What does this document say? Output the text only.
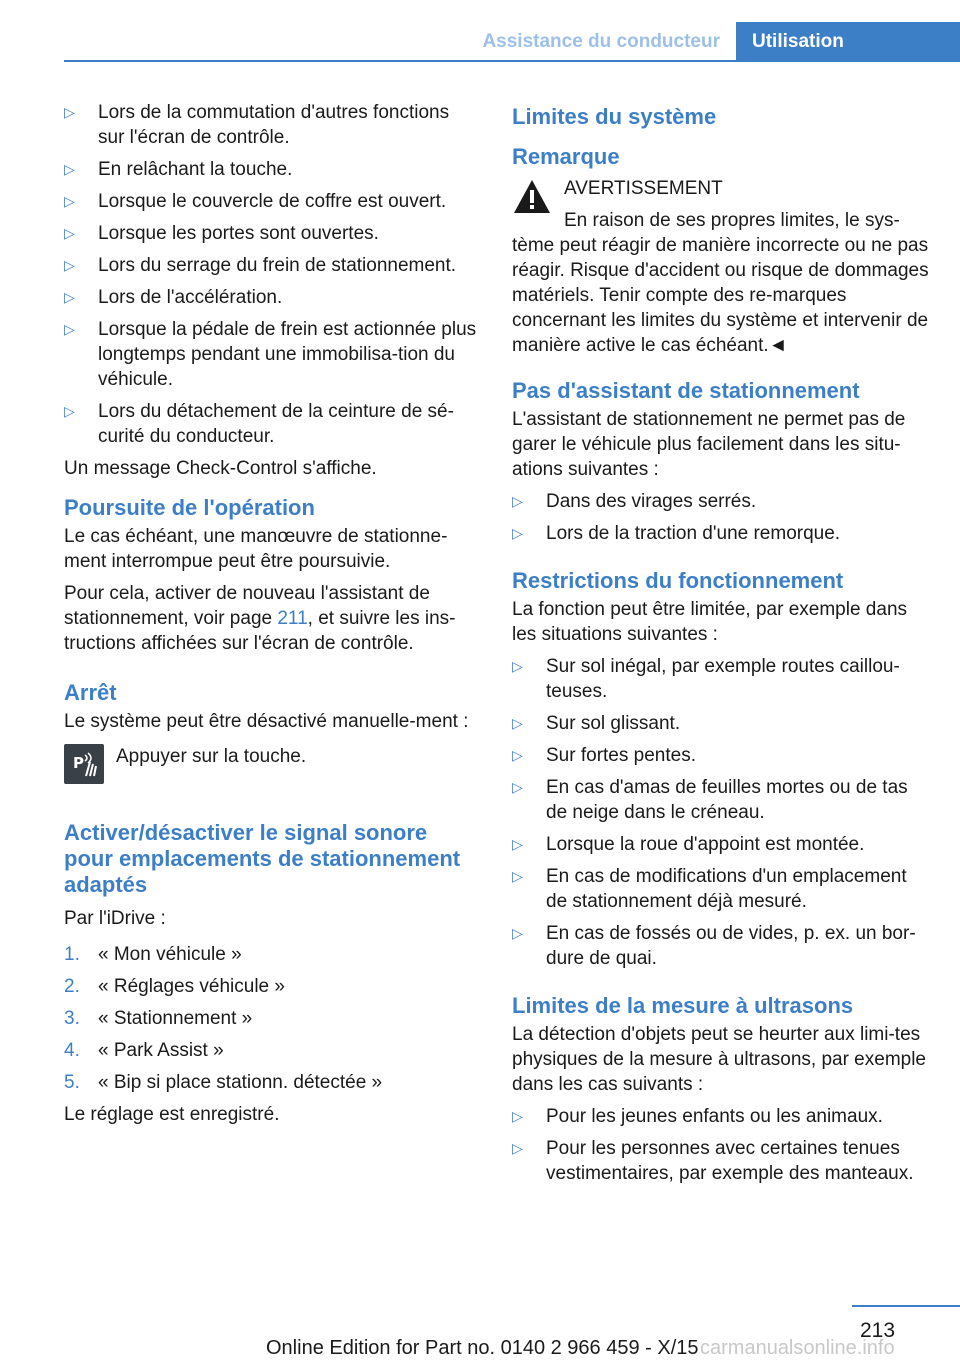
Assistance du conducteur	Utilisation
▷ Lors de la commutation d'autres fonctions sur l'écran de contrôle.
▷ En relâchant la touche.
▷ Lorsque le couvercle de coffre est ouvert.
▷ Lorsque les portes sont ouvertes.
▷ Lors du serrage du frein de stationnement.
▷ Lors de l'accélération.
▷ Lorsque la pédale de frein est actionnée plus longtemps pendant une immobilisa-tion du véhicule.
▷ Lors du détachement de la ceinture de sé-curité du conducteur.

Un message Check-Control s'affiche.

Poursuite de l'opération

Le cas échéant, une manœuvre de stationne-ment interrompue peut être poursuivie.

Pour cela, activer de nouveau l'assistant de stationnement, voir page 211, et suivre les ins-tructions affichées sur l'écran de contrôle.

Arrêt

Le système peut être désactivé manuelle-ment :

P Appuyer sur la touche.
Activer/désactiver le signal sonore pour emplacements de stationnement adaptés

Par l'iDrive :

1. « Mon véhicule »
2. « Réglages véhicule »
3. « Stationnement »
4. « Park Assist »
5. « Bip si place stationn. détectée »

Le réglage est enregistré.

Limites du système
Remarque

AVERTISSEMENT

En raison de ses propres limites, le sys-tème peut réagir de manière incorrecte ou ne pas réagir. Risque d'accident ou risque de dommages matériels. Tenir compte des re-marques concernant les limites du système et intervenir de manière active le cas échéant.◄

Pas d'assistant de stationnement

L'assistant de stationnement ne permet pas de garer le véhicule plus facilement dans les situ-ations suivantes :

▷ Dans des virages serrés.
▷ Lors de la traction d'une remorque.
Restrictions du fonctionnement

La fonction peut être limitée, par exemple dans les situations suivantes :

▷ Sur sol inégal, par exemple routes caillou-teuses.
▷ Sur sol glissant.
▷ Sur fortes pentes.
▷ En cas d'amas de feuilles mortes ou de tas de neige dans le créneau.
▷ Lorsque la roue d'appoint est montée.
▷ En cas de modifications d'un emplacement de stationnement déjà mesuré.
▷ En cas de fossés ou de vides, p. ex. un bor-dure de quai.
Limites de la mesure à ultrasons

La détection d'objets peut se heurter aux limi-tes physiques de la mesure à ultrasons, par exemple dans les cas suivants :

▷ Pour les jeunes enfants ou les animaux.
▷ Pour les personnes avec certaines tenues vestimentaires, par exemple des manteaux.
213
Online Edition for Part no. 0140 2 966 459 - X/15 carmanualsonline.info
